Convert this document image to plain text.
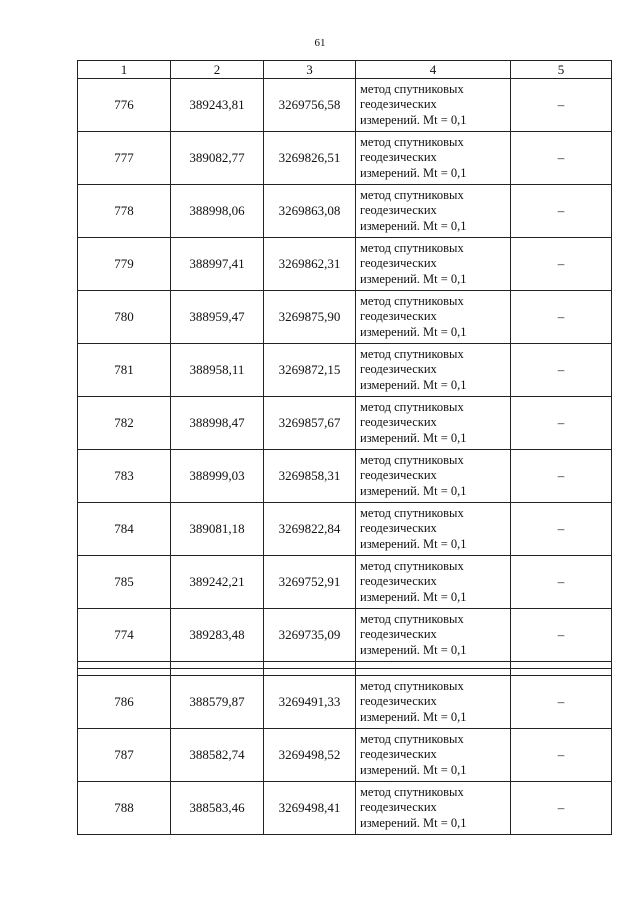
61
1	2	3	4	5
776	389243,81	3269756,58	метод спутниковых
геодезических
измерений. Mt = 0,1	–
777	389082,77	3269826,51	метод спутниковых
геодезических
измерений. Mt = 0,1	–
778	388998,06	3269863,08	метод спутниковых
геодезических
измерений. Mt = 0,1	–
779	388997,41	3269862,31	метод спутниковых
геодезических
измерений. Mt = 0,1	–
780	388959,47	3269875,90	метод спутниковых
геодезических
измерений. Mt = 0,1	–
781	388958,11	3269872,15	метод спутниковых
геодезических
измерений. Mt = 0,1	–
782	388998,47	3269857,67	метод спутниковых
геодезических
измерений. Mt = 0,1	–
783	388999,03	3269858,31	метод спутниковых
геодезических
измерений. Mt = 0,1	–
784	389081,18	3269822,84	метод спутниковых
геодезических
измерений. Mt = 0,1	–
785	389242,21	3269752,91	метод спутниковых
геодезических
измерений. Mt = 0,1	–
774	389283,48	3269735,09	метод спутниковых
геодезических
измерений. Mt = 0,1	–

786	388579,87	3269491,33	метод спутниковых
геодезических
измерений. Mt = 0,1	–
787	388582,74	3269498,52	метод спутниковых
геодезических
измерений. Mt = 0,1	–
788	388583,46	3269498,41	метод спутниковых
геодезических
измерений. Mt = 0,1	–
